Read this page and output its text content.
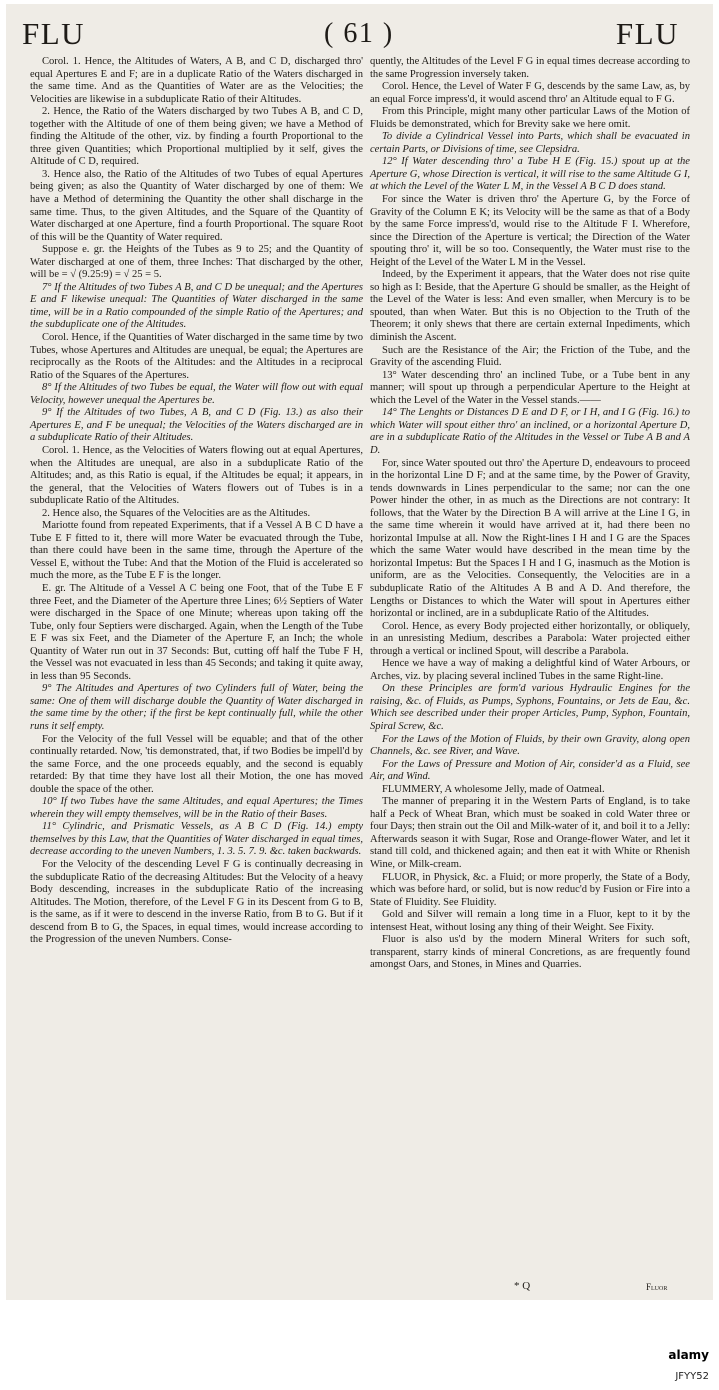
FLU	( 61 )	FLU

Corol. 1. Hence, the Altitudes of Waters, A B, and C D, discharged thro' equal Apertures E and F; are in a duplicate Ratio of the Waters discharged in the same time. And as the Quantities of Water are as the Velocities; the Velocities are likewise in a subduplicate Ratio of their Altitudes.

2. Hence, the Ratio of the Waters discharged by two Tubes A B, and C D, together with the Altitude of one of them being given; we have a Method of finding the Altitude of the other, viz. by finding a fourth Proportional to the three given Quantities; which Proportional multiplied by it self, gives the Altitude of C D, required.

3. Hence also, the Ratio of the Altitudes of two Tubes of equal Apertures being given; as also the Quantity of Water discharged by one of them: We have a Method of determining the Quantity the other shall discharge in the same time. Thus, to the given Altitudes, and the Square of the Quantity of Water discharged at one Aperture, find a fourth Proportional. The square Root of this will be the Quantity of Water required.

Suppose e. gr. the Heights of the Tubes as 9 to 25; and the Quantity of Water discharged at one of them, three Inches: That discharged by the other, will be = √ (9.25:9) = √ 25 = 5.

7° If the Altitudes of two Tubes A B, and C D be unequal; and the Apertures E and F likewise unequal: The Quantities of Water discharged in the same time, will be in a Ratio compounded of the simple Ratio of the Apertures; and the subduplicate one of the Altitudes.

Corol. Hence, if the Quantities of Water discharged in the same time by two Tubes, whose Apertures and Altitudes are unequal, be equal; the Apertures are reciprocally as the Roots of the Altitudes: and the Altitudes in a reciprocal Ratio of the Squares of the Apertures.

8° If the Altitudes of two Tubes be equal, the Water will flow out with equal Velocity, however unequal the Apertures be.

9° If the Altitudes of two Tubes, A B, and C D (Fig. 13.) as also their Apertures E, and F be unequal; the Velocities of the Waters discharged are in a subduplicate Ratio of their Altitudes.

Corol. 1. Hence, as the Velocities of Waters flowing out at equal Apertures, when the Altitudes are unequal, are also in a subduplicate Ratio of the Altitudes; and, as this Ratio is equal, if the Altitudes be equal; it appears, in the general, that the Velocities of Waters flowers out of Tubes is in a subduplicate Ratio of the Altitudes.

2. Hence also, the Squares of the Velocities are as the Altitudes.

Mariotte found from repeated Experiments, that if a Vessel A B C D have a Tube E F fitted to it, there will more Water be evacuated through the Tube, than there could have been in the same time, through the Aperture of the Vessel E, without the Tube: And that the Motion of the Fluid is accelerated so much the more, as the Tube E F is the longer.

E. gr. The Altitude of a Vessel A C being one Foot, that of the Tube E F three Feet, and the Diameter of the Aperture three Lines; 6½ Septiers of Water were discharged in the Space of one Minute; whereas upon taking off the Tube, only four Septiers were discharged. Again, when the Length of the Tube E F was six Feet, and the Diameter of the Aperture F, an Inch; the whole Quantity of Water run out in 37 Seconds: But, cutting off half the Tube F H, the Vessel was not evacuated in less than 45 Seconds; and taking it quite away, in less than 95 Seconds.

9° The Altitudes and Apertures of two Cylinders full of Water, being the same: One of them will discharge double the Quantity of Water discharged in the same time by the other; if the first be kept continually full, while the other runs it self empty.

For the Velocity of the full Vessel will be equable; and that of the other continually retarded. Now, 'tis demonstrated, that, if two Bodies be impell'd by the same Force, and the one proceeds equably, and the second is equably retarded: By that time they have lost all their Motion, the one has moved double the space of the other.

10° If two Tubes have the same Altitudes, and equal Apertures; the Times wherein they will empty themselves, will be in the Ratio of their Bases.

11° Cylindric, and Prismatic Vessels, as A B C D (Fig. 14.) empty themselves by this Law, that the Quantities of Water discharged in equal times, decrease according to the uneven Numbers, 1. 3. 5. 7. 9. &c. taken backwards.

For the Velocity of the descending Level F G is continually decreasing in the subduplicate Ratio of the decreasing Altitudes: But the Velocity of a heavy Body descending, increases in the subduplicate Ratio of the increasing Altitudes. The Motion, therefore, of the Level F G in its Descent from G to B, is the same, as if it were to descend in the inverse Ratio, from B to G. But if it descend from B to G, the Spaces, in equal times, would increase according to the Progression of the uneven Numbers. Conse-

quently, the Altitudes of the Level F G in equal times decrease according to the same Progression inversely taken.

Corol. Hence, the Level of Water F G, descends by the same Law, as, by an equal Force impress'd, it would ascend thro' an Altitude equal to F G.

From this Principle, might many other particular Laws of the Motion of Fluids be demonstrated, which for Brevity sake we here omit.

To divide a Cylindrical Vessel into Parts, which shall be evacuated in certain Parts, or Divisions of time, see Clepsidra.

12° If Water descending thro' a Tube H E (Fig. 15.) spout up at the Aperture G, whose Direction is vertical, it will rise to the same Altitude G I, at which the Level of the Water L M, in the Vessel A B C D does stand.

For since the Water is driven thro' the Aperture G, by the Force of Gravity of the Column E K; its Velocity will be the same as that of a Body by the same Force impress'd, would rise to the Altitude F I. Wherefore, since the Direction of the Aperture is vertical; the Direction of the Water spouting thro' it, will be so too. Consequently, the Water must rise to the Height of the Level of the Water L M in the Vessel.

Indeed, by the Experiment it appears, that the Water does not rise quite so high as I: Beside, that the Aperture G should be smaller, as the Height of the Level of the Water is less: And even smaller, when Mercury is to be spouted, than when Water. But this is no Objection to the Truth of the Theorem; it only shews that there are certain external Inpediments, which diminish the Ascent.

Such are the Resistance of the Air; the Friction of the Tube, and the Gravity of the ascending Fluid.

13° Water descending thro' an inclined Tube, or a Tube bent in any manner; will spout up through a perpendicular Aperture to the Height at which the Level of the Water in the Vessel stands.——

14° The Lenghts or Distances D E and D F, or I H, and I G (Fig. 16.) to which Water will spout either thro' an inclined, or a horizontal Aperture D, are in a subduplicate Ratio of the Altitudes in the Vessel or Tube A B and A D.

For, since Water spouted out thro' the Aperture D, endeavours to proceed in the horizontal Line D F; and at the same time, by the Power of Gravity, tends downwards in Lines perpendicular to the same; nor can the one Power hinder the other, in as much as the Directions are not contrary: It follows, that the Water by the Direction B A will arrive at the Line I G, in the same time wherein it would have arrived at it, had there been no horizontal Impulse at all. Now the Right-lines I H and I G are the Spaces which the same Water would have described in the mean time by the horizontal Impetus: But the Spaces I H and I G, inasmuch as the Motion is uniform, are as the Velocities. Consequently, the Velocities are in a subduplicate Ratio of the Altitudes A B and A D. And therefore, the Lengths or Distances to which the Water will spout in Apertures either horizontal or inclined, are in a subduplicate Ratio of the Altitudes.

Corol. Hence, as every Body projected either horizontally, or obliquely, in an unresisting Medium, describes a Parabola: Water projected either through a vertical or inclined Spout, will describe a Parabola.

Hence we have a way of making a delightful kind of Water Arbours, or Arches, viz. by placing several inclined Tubes in the same Right-line.

On these Principles are form'd various Hydraulic Engines for the raising, &c. of Fluids, as Pumps, Syphons, Fountains, or Jets de Eau, &c. Which see described under their proper Articles, Pump, Syphon, Fountain, Spiral Screw, &c.

For the Laws of the Motion of Fluids, by their own Gravity, along open Channels, &c. see River, and Wave.

For the Laws of Pressure and Motion of Air, consider'd as a Fluid, see Air, and Wind.

FLUMMERY, A wholesome Jelly, made of Oatmeal.

The manner of preparing it in the Western Parts of England, is to take half a Peck of Wheat Bran, which must be soaked in cold Water three or four Days; then strain out the Oil and Milk-water of it, and boil it to a Jelly: Afterwards season it with Sugar, Rose and Orange-flower Water, and let it stand till cold, and thickened again; and then eat it with White or Rhenish Wine, or Milk-cream.

FLUOR, in Physick, &c. a Fluid; or more properly, the State of a Body, which was before hard, or solid, but is now reduc'd by Fusion or Fire into a State of Fluidity. See Fluidity.

Gold and Silver will remain a long time in a Fluor, kept to it by the intensest Heat, without losing any thing of their Weight. See Fixity.

Fluor is also us'd by the modern Mineral Writers for such soft, transparent, starry kinds of mineral Concretions, as are frequently found amongst Oars, and Stones, in Mines and Quarries.

* Q	Fluor
alamy
JFYY52
